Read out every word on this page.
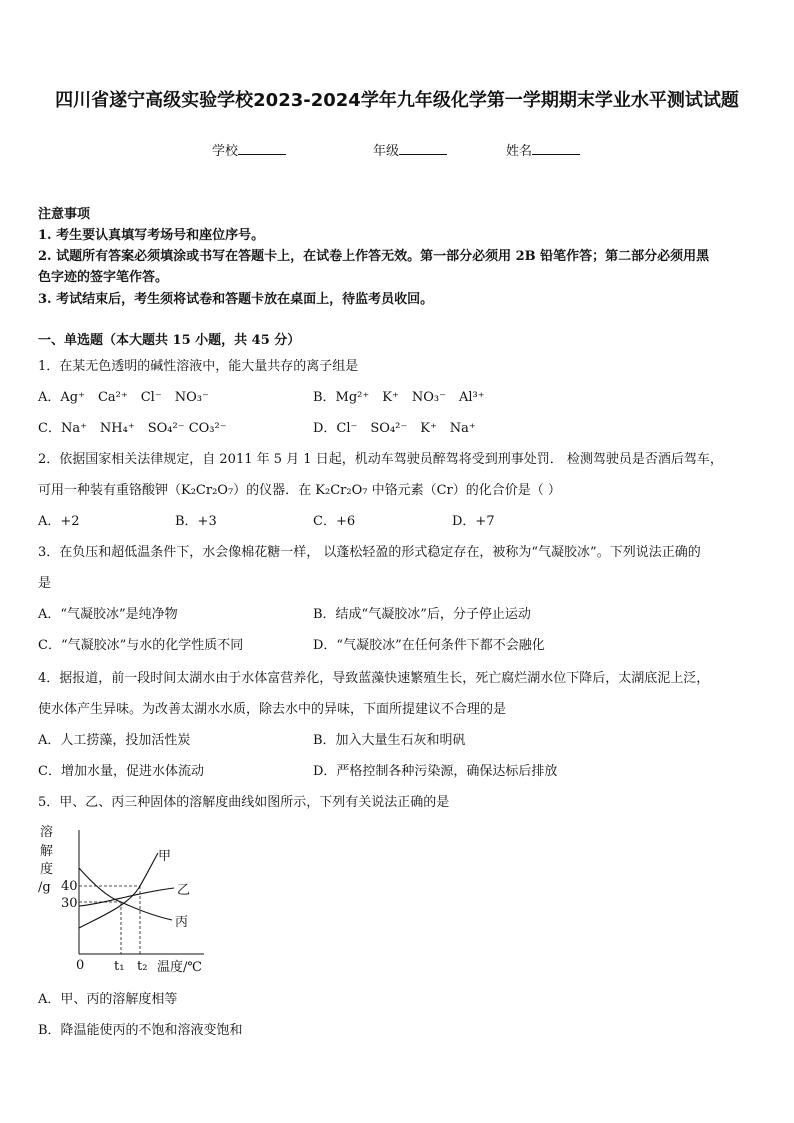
四川省遂宁高级实验学校2023-2024学年九年级化学第一学期期末学业水平测试试题
学校	年级	姓名
注意事项
1. 考生要认真填写考场号和座位序号。
2. 试题所有答案必须填涂或书写在答题卡上，在试卷上作答无效。第一部分必须用 2B 铅笔作答；第二部分必须用黑
色字迹的签字笔作答。
3. 考试结束后，考生须将试卷和答题卡放在桌面上，待监考员收回。
一、单选题（本大题共 15 小题，共 45 分）
1．在某无色透明的碱性溶液中，能大量共存的离子组是
A．Ag⁺　Ca²⁺　Cl⁻　NO₃⁻	B．Mg²⁺　K⁺　NO₃⁻　Al³⁺
C．Na⁺　NH₄⁺　SO₄²⁻ CO₃²⁻	D．Cl⁻　SO₄²⁻　K⁺　Na⁺
2．依据国家相关法律规定，自 2011 年 5 月 1 日起，机动车驾驶员醉驾将受到刑事处罚． 检测驾驶员是否酒后驾车，
可用一种装有重铬酸钾（K₂Cr₂O₇）的仪器．在 K₂Cr₂O₇ 中铬元素（Cr）的化合价是（ ）
A．+2	B．+3	C．+6	D．+7
3．在负压和超低温条件下，水会像棉花糖一样， 以蓬松轻盈的形式稳定存在，被称为“气凝胶冰”。下列说法正确的
是
A．“气凝胶冰”是纯净物	B．结成“气凝胶冰”后，分子停止运动
C．“气凝胶冰”与水的化学性质不同	D．“气凝胶冰”在任何条件下都不会融化
4．据报道，前一段时间太湖水由于水体富营养化，导致蓝藻快速繁殖生长，死亡腐烂湖水位下降后，太湖底泥上泛，
使水体产生异味。为改善太湖水水质，除去水中的异味，下面所提建议不合理的是
A．人工捞藻，投加活性炭	B．加入大量生石灰和明矾
C．增加水量，促进水体流动	D．严格控制各种污染源，确保达标后排放
5．甲、乙、丙三种固体的溶解度曲线如图所示，下列有关说法正确的是
溶
解
度
/g 40
30
0 t₁ t₂ 温度/℃
甲
乙
丙
A．甲、丙的溶解度相等
B．降温能使丙的不饱和溶液变饱和
